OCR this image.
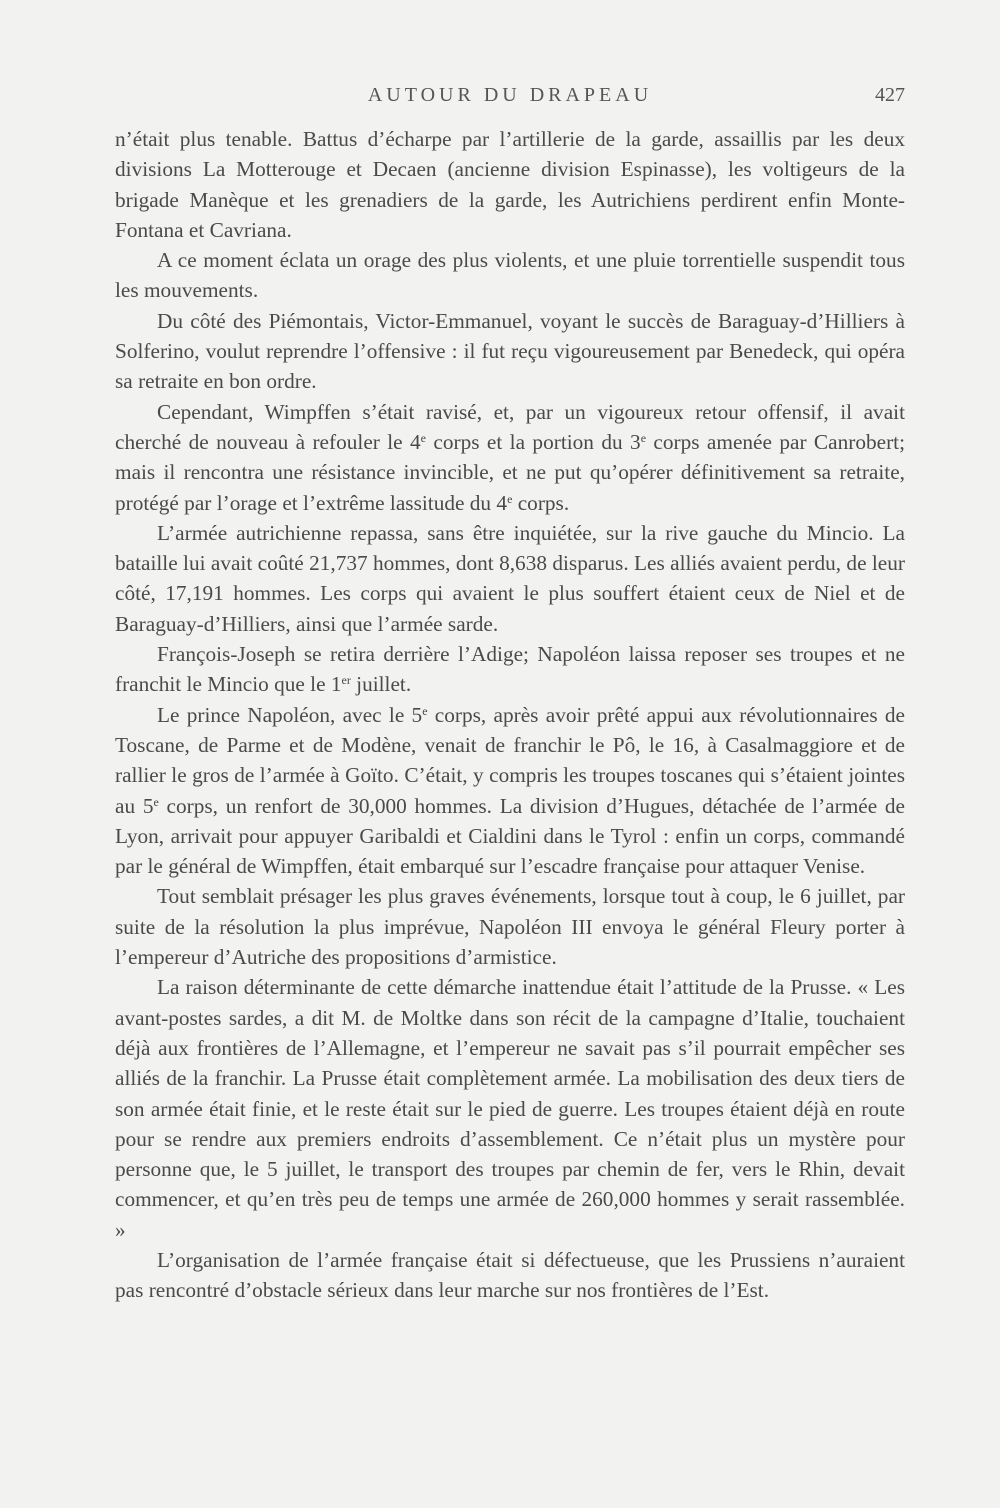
AUTOUR DU DRAPEAU	427

n’était plus tenable. Battus d’écharpe par l’artillerie de la garde, assaillis par les deux divisions La Motterouge et Decaen (ancienne division Espinasse), les voltigeurs de la brigade Manèque et les grenadiers de la garde, les Autrichiens perdirent enfin Monte-Fontana et Cavriana.

A ce moment éclata un orage des plus violents, et une pluie torrentielle suspendit tous les mouvements.

Du côté des Piémontais, Victor-Emmanuel, voyant le succès de Baraguay-d’Hilliers à Solferino, voulut reprendre l’offensive : il fut reçu vigoureusement par Benedeck, qui opéra sa retraite en bon ordre.

Cependant, Wimpffen s’était ravisé, et, par un vigoureux retour offensif, il avait cherché de nouveau à refouler le 4e corps et la portion du 3e corps amenée par Canrobert; mais il rencontra une résistance invincible, et ne put qu’opérer définitivement sa retraite, protégé par l’orage et l’extrême lassitude du 4e corps.

L’armée autrichienne repassa, sans être inquiétée, sur la rive gauche du Mincio. La bataille lui avait coûté 21,737 hommes, dont 8,638 disparus. Les alliés avaient perdu, de leur côté, 17,191 hommes. Les corps qui avaient le plus souffert étaient ceux de Niel et de Baraguay-d’Hilliers, ainsi que l’armée sarde.

François-Joseph se retira derrière l’Adige; Napoléon laissa reposer ses troupes et ne franchit le Mincio que le 1er juillet.

Le prince Napoléon, avec le 5e corps, après avoir prêté appui aux révolutionnaires de Toscane, de Parme et de Modène, venait de franchir le Pô, le 16, à Casalmaggiore et de rallier le gros de l’armée à Goïto. C’était, y compris les troupes toscanes qui s’étaient jointes au 5e corps, un renfort de 30,000 hommes. La division d’Hugues, détachée de l’armée de Lyon, arrivait pour appuyer Garibaldi et Cialdini dans le Tyrol : enfin un corps, commandé par le général de Wimpffen, était embarqué sur l’escadre française pour attaquer Venise.

Tout semblait présager les plus graves événements, lorsque tout à coup, le 6 juillet, par suite de la résolution la plus imprévue, Napoléon III envoya le général Fleury porter à l’empereur d’Autriche des propositions d’armistice.

La raison déterminante de cette démarche inattendue était l’attitude de la Prusse. « Les avant-postes sardes, a dit M. de Moltke dans son récit de la campagne d’Italie, touchaient déjà aux frontières de l’Allemagne, et l’empereur ne savait pas s’il pourrait empêcher ses alliés de la franchir. La Prusse était complètement armée. La mobilisation des deux tiers de son armée était finie, et le reste était sur le pied de guerre. Les troupes étaient déjà en route pour se rendre aux premiers endroits d’assemblement. Ce n’était plus un mystère pour personne que, le 5 juillet, le transport des troupes par chemin de fer, vers le Rhin, devait commencer, et qu’en très peu de temps une armée de 260,000 hommes y serait rassemblée. »

L’organisation de l’armée française était si défectueuse, que les Prussiens n’auraient pas rencontré d’obstacle sérieux dans leur marche sur nos frontières de l’Est.
